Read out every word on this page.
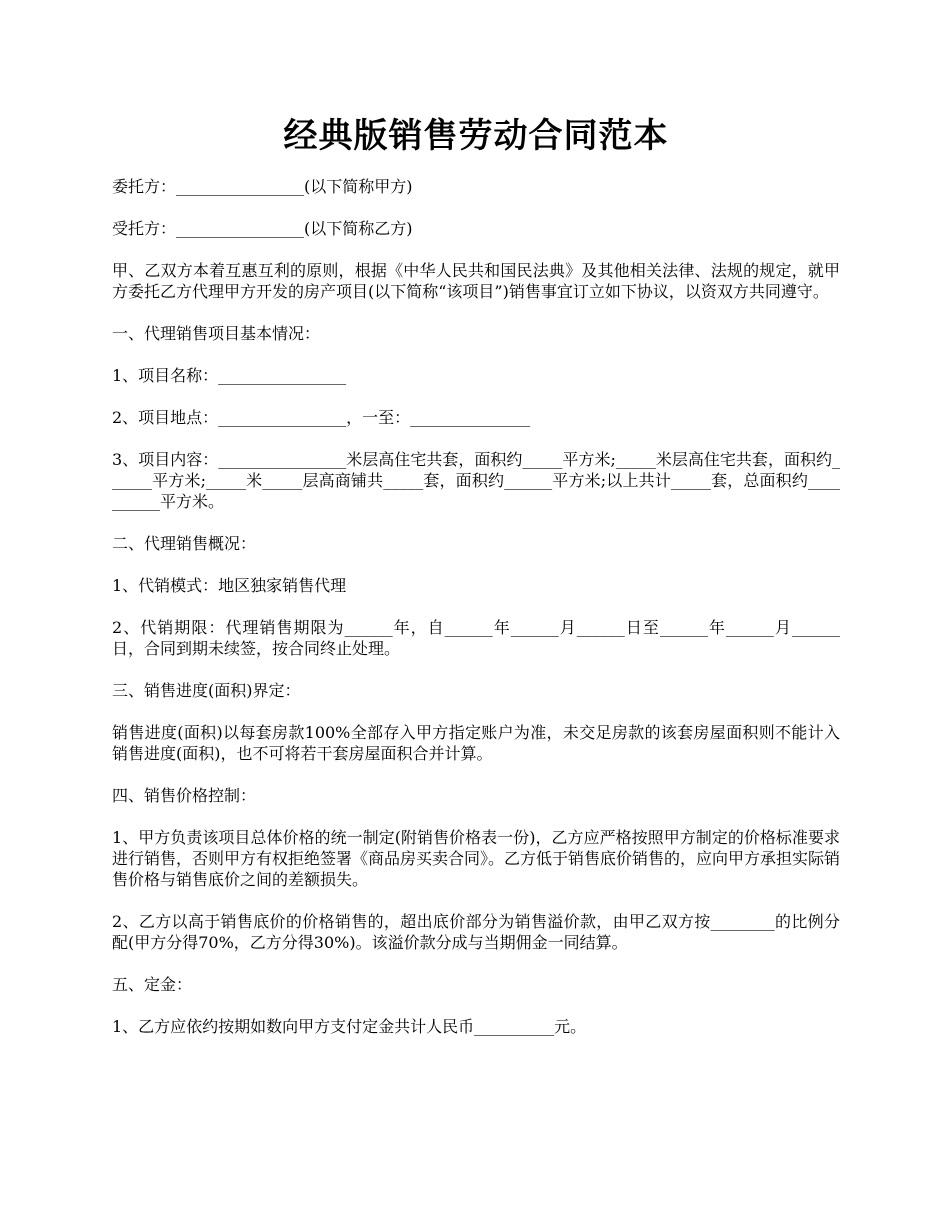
经典版销售劳动合同范本

委托方：________________(以下简称甲方)

受托方：________________(以下简称乙方)

甲、乙双方本着互惠互利的原则，根据《中华人民共和国民法典》及其他相关法律、法规的规定，就甲方委托乙方代理甲方开发的房产项目(以下简称“该项目”)销售事宜订立如下协议，以资双方共同遵守。

一、代理销售项目基本情况：

1、项目名称：________________

2、项目地点：________________，一至：_______________

3、项目内容：________________米层高住宅共套，面积约_____平方米;_____米层高住宅共套，面积约______平方米;_____米_____层高商铺共_____套，面积约______平方米;以上共计_____套，总面积约__________平方米。

二、代理销售概况：

1、代销模式：地区独家销售代理

2、代销期限：代理销售期限为______年，自______年______月______日至______年______月______日，合同到期未续签，按合同终止处理。

三、销售进度(面积)界定：

销售进度(面积)以每套房款100%全部存入甲方指定账户为准，未交足房款的该套房屋面积则不能计入销售进度(面积)，也不可将若干套房屋面积合并计算。

四、销售价格控制：

1、甲方负责该项目总体价格的统一制定(附销售价格表一份)，乙方应严格按照甲方制定的价格标准要求进行销售，否则甲方有权拒绝签署《商品房买卖合同》。乙方低于销售底价销售的，应向甲方承担实际销售价格与销售底价之间的差额损失。

2、乙方以高于销售底价的价格销售的，超出底价部分为销售溢价款，由甲乙双方按________的比例分配(甲方分得70%，乙方分得30%)。该溢价款分成与当期佣金一同结算。

五、定金：

1、乙方应依约按期如数向甲方支付定金共计人民币__________元。
